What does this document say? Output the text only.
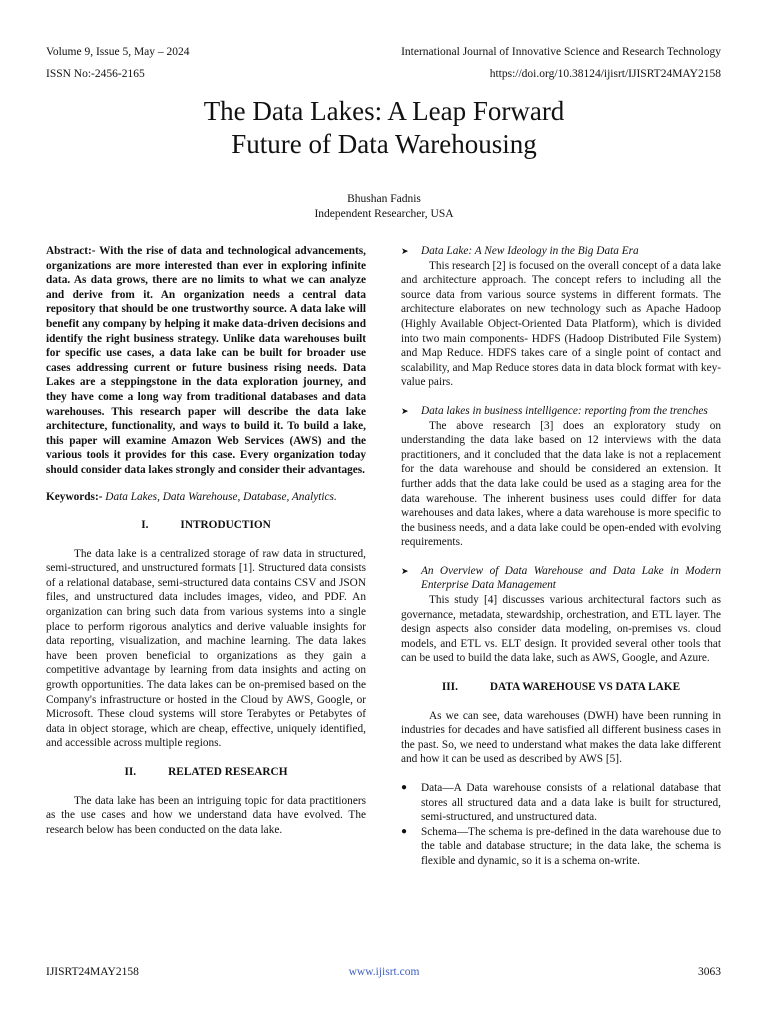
Volume 9, Issue 5, May – 2024	International Journal of Innovative Science and Research Technology
ISSN No:-2456-2165	https://doi.org/10.38124/ijisrt/IJISRT24MAY2158
The Data Lakes: A Leap Forward
Future of Data Warehousing
Bhushan Fadnis
Independent Researcher, USA

Abstract:- With the rise of data and technological advancements, organizations are more interested than ever in exploring infinite data. As data grows, there are no limits to what we can analyze and derive from it. An organization needs a central data repository that should be one trustworthy source. A data lake will benefit any company by helping it make data-driven decisions and identify the right business strategy. Unlike data warehouses built for specific use cases, a data lake can be built for broader use cases addressing current or future business rising needs. Data Lakes are a steppingstone in the data exploration journey, and they have come a long way from traditional databases and data warehouses. This research paper will describe the data lake architecture, functionality, and ways to build it. To build a lake, this paper will examine Amazon Web Services (AWS) and the various tools it provides for this case. Every organization today should consider data lakes strongly and consider their advantages.

Keywords:- Data Lakes, Data Warehouse, Database, Analytics.

I.	INTRODUCTION

The data lake is a centralized storage of raw data in structured, semi-structured, and unstructured formats [1]. Structured data consists of a relational database, semi-structured data contains CSV and JSON files, and unstructured data includes images, video, and PDF. An organization can bring such data from various systems into a single place to perform rigorous analytics and derive valuable insights for data reporting, visualization, and machine learning. The data lakes have been proven beneficial to organizations as they gain a competitive advantage by learning from data insights and acting on growth opportunities. The data lakes can be on-premised based on the Company's infrastructure or hosted in the Cloud by AWS, Google, or Microsoft. These cloud systems will store Terabytes or Petabytes of data in object storage, which are cheap, effective, uniquely identified, and accessible across multiple regions.

II.	RELATED RESEARCH

The data lake has been an intriguing topic for data practitioners as the use cases and how we understand data have evolved. The research below has been conducted on the data lake.

➤	Data Lake: A New Ideology in the Big Data Era

This research [2] is focused on the overall concept of a data lake and architecture approach. The concept refers to including all the source data from various source systems in different formats. The architecture elaborates on new technology such as Apache Hadoop (Highly Available Object-Oriented Data Platform), which is divided into two main components- HDFS (Hadoop Distributed File System) and Map Reduce. HDFS takes care of a single point of contact and scalability, and Map Reduce stores data in data block format with key-value pairs.

➤	Data lakes in business intelligence: reporting from the trenches

The above research [3] does an exploratory study on understanding the data lake based on 12 interviews with the data practitioners, and it concluded that the data lake is not a replacement for the data warehouse and should be considered an extension. It further adds that the data lake could be used as a staging area for the data warehouse. The inherent business uses could differ for data warehouses and data lakes, where a data warehouse is more specific to the business needs, and a data lake could be open-ended with evolving requirements.

➤	An Overview of Data Warehouse and Data Lake in Modern Enterprise Data Management

This study [4] discusses various architectural factors such as governance, metadata, stewardship, orchestration, and ETL layer. The design aspects also consider data modeling, on-premises vs. cloud models, and ETL vs. ELT design. It provided several other tools that can be used to build the data lake, such as AWS, Google, and Azure.

III.	DATA WAREHOUSE VS DATA LAKE

As we can see, data warehouses (DWH) have been running in industries for decades and have satisfied all different business cases in the past. So, we need to understand what makes the data lake different and how it can be used as described by AWS [5].

●	Data—A Data warehouse consists of a relational database that stores all structured data and a data lake is built for structured, semi-structured, and unstructured data.
●	Schema—The schema is pre-defined in the data warehouse due to the table and database structure; in the data lake, the schema is flexible and dynamic, so it is a schema on-write.
IJISRT24MAY2158	www.ijisrt.com	3063
